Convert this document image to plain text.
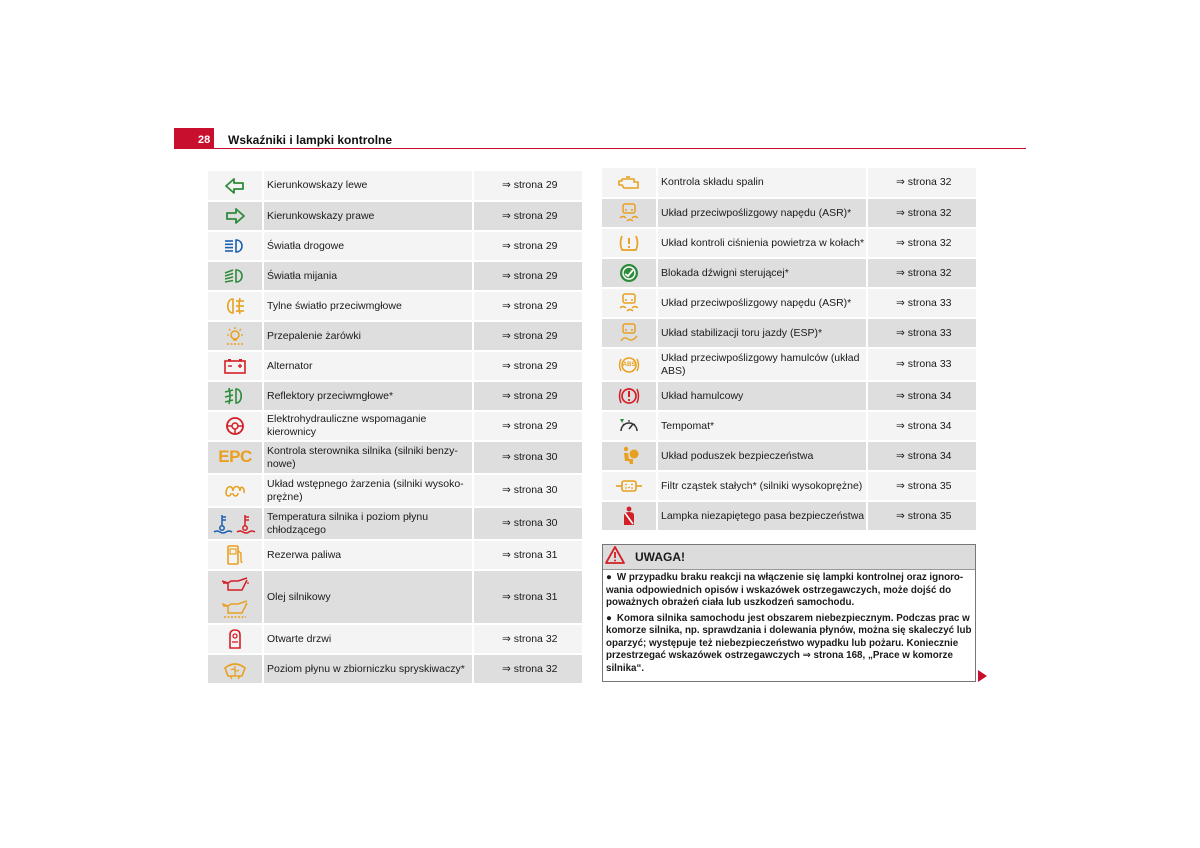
28	Wskaźniki i lampki kontrolne
	Kierunkowskazy lewe	⇒ strona 29
	Kierunkowskazy prawe	⇒ strona 29
	Światła drogowe	⇒ strona 29
	Światła mijania	⇒ strona 29
	Tylne światło przeciwmgłowe	⇒ strona 29
	Przepalenie żarówki	⇒ strona 29
	Alternator	⇒ strona 29
	Reflektory przeciwmgłowe*	⇒ strona 29
	Elektrohydrauliczne wspomaganie kierownicy	⇒ strona 29
EPC	Kontrola sterownika silnika (silniki benzy-nowe)	⇒ strona 30
	Układ wstępnego żarzenia (silniki wysoko-prężne)	⇒ strona 30
	Temperatura silnika i poziom płynu chłodzącego	⇒ strona 30
	Rezerwa paliwa	⇒ strona 31
	Olej silnikowy	⇒ strona 31
	Otwarte drzwi	⇒ strona 32
	Poziom płynu w zbiorniczku spryskiwaczy*	⇒ strona 32
	Kontrola składu spalin	⇒ strona 32
	Układ przeciwpoślizgowy napędu (ASR)*	⇒ strona 32
	Układ kontroli ciśnienia powietrza w kołach*	⇒ strona 32
	Blokada dźwigni sterującej*	⇒ strona 32
	Układ przeciwpoślizgowy napędu (ASR)*	⇒ strona 33
	Układ stabilizacji toru jazdy (ESP)*	⇒ strona 33

ABS	Układ przeciwpoślizgowy hamulców (układ ABS)	⇒ strona 33
	Układ hamulcowy	⇒ strona 34
	Tempomat*	⇒ strona 34
	Układ poduszek bezpieczeństwa	⇒ strona 34
	Filtr cząstek stałych* (silniki wysokoprężne)	⇒ strona 35
	Lampka niezapiętego pasa bezpieczeństwa	⇒ strona 35
UWAGA!

● W przypadku braku reakcji na włączenie się lampki kontrolnej oraz ignoro-wania odpowiednich opisów i wskazówek ostrzegawczych, może dojść do poważnych obrażeń ciała lub uszkodzeń samochodu.

● Komora silnika samochodu jest obszarem niebezpiecznym. Podczas prac w komorze silnika, np. sprawdzania i dolewania płynów, można się skaleczyć lub oparzyć; występuje też niebezpieczeństwo wypadku lub pożaru. Koniecznie przestrzegać wskazówek ostrzegawczych ⇒ strona 168, „Prace w komorze silnika“.
